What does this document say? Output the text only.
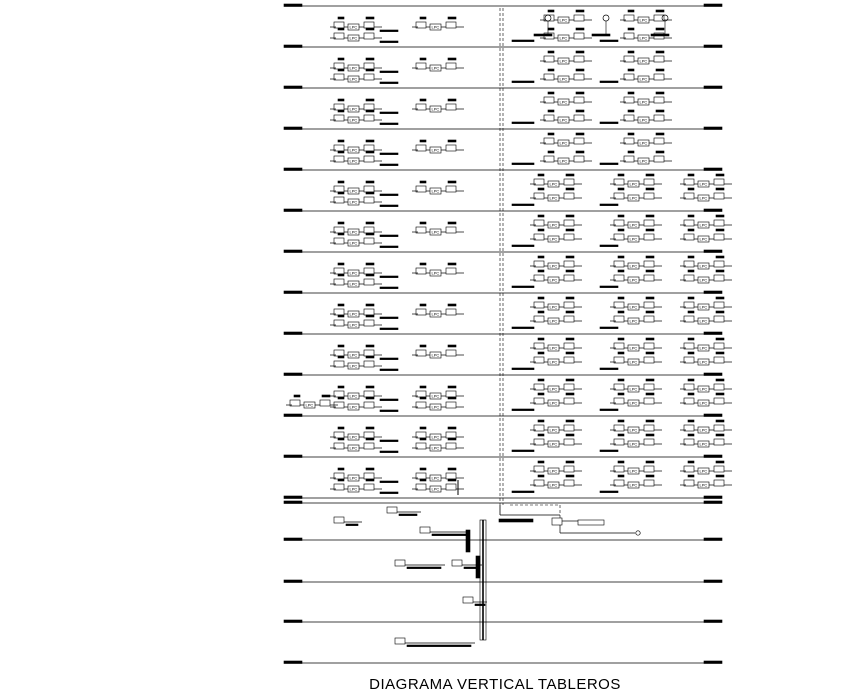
LPC	LPC
LPC
LPC	LPC
LPC
LPC	LPC
LPC
LPC	LPC
LPC
LPC	LPC
LPC
LPC	LPC
LPC
LPC	LPC
LPC
LPC	LPC
LPC
LPC	LPC
LPC
LPC	LPC
LPC	LPC
LPC	LPC
LPC	LPC
LPC	LPC
LPC	LPC
LPC	LPC
LPC	LPC
LPC	LPC
LPC	LPC
LPC	LPC
LPC	LPC
LPC	LPC
LPC	LPC
LPC	LPC	LPC
LPC	LPC	LPC
LPC	LPC	LPC
LPC	LPC	LPC
LPC	LPC	LPC
LPC	LPC	LPC
LPC	LPC	LPC
LPC	LPC	LPC
LPC	LPC	LPC
LPC	LPC	LPC
LPC	LPC	LPC
LPC	LPC	LPC
LPC	LPC	LPC
LPC	LPC	LPC
LPC	LPC	LPC
LPC	LPC	LPC
LPC
DIAGRAMA VERTICAL TABLEROS
